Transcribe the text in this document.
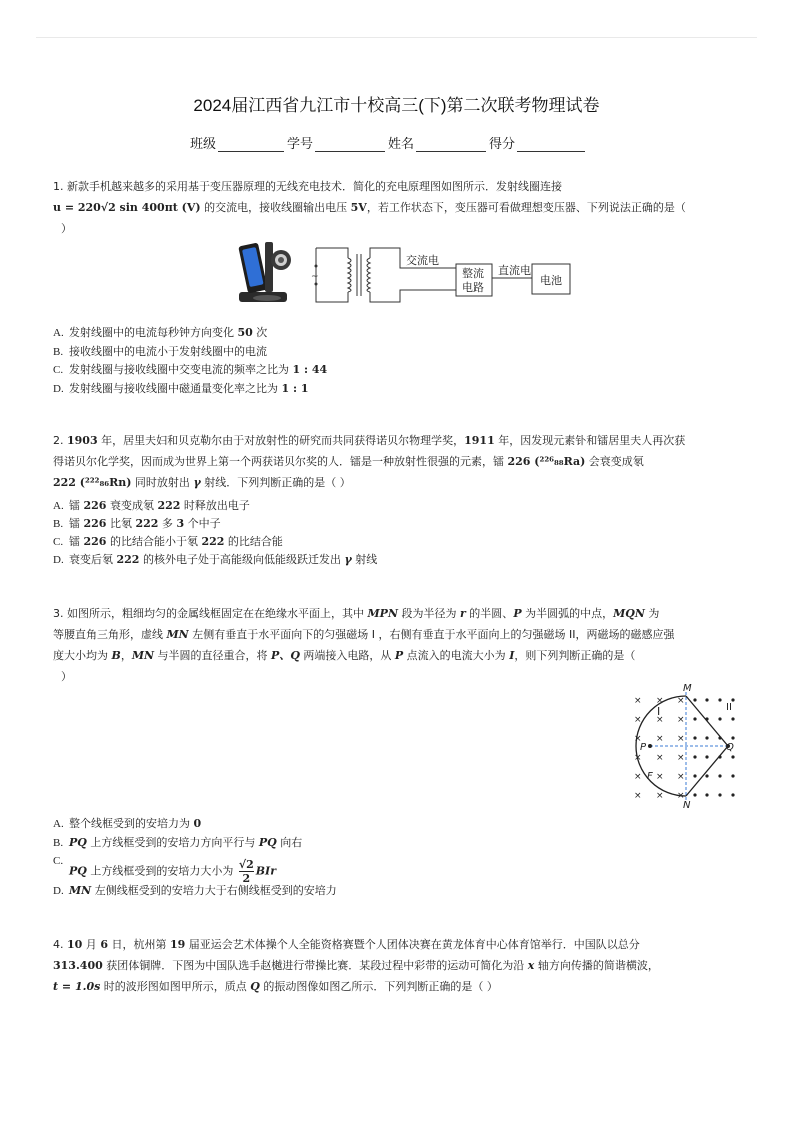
2024届江西省九江市十校高三(下)第二次联考物理试卷
班级	学号	姓名	得分

1. 新款手机越来越多的采用基于变压器原理的无线充电技术．简化的充电原理图如图所示．发射线圈连接

u = 220√2 sin 400πt (V) 的交流电，接收线圈输出电压 5V，若工作状态下，变压器可看做理想变压器、下列说法正确的是（

）

~
交流电
整流
电路
直流电
电池
A. 发射线圈中的电流每秒钟方向变化 50 次
B. 接收线圈中的电流小于发射线圈中的电流
C. 发射线圈与接收线圈中交变电流的频率之比为 1 : 44
D. 发射线圈与接收线圈中磁通量变化率之比为 1 : 1

2. 1903 年，居里夫妇和贝克勒尔由于对放射性的研究而共同获得诺贝尔物理学奖，1911 年，因发现元素钋和镭居里夫人再次获

得诺贝尔化学奖，因而成为世界上第一个两获诺贝尔奖的人．镭是一种放射性很强的元素，镭 226 (²²⁶₈₈Ra) 会衰变成氡

222 (²²²₈₆Rn) 同时放射出 γ 射线．下列判断正确的是（ ）

A. 镭 226 衰变成氡 222 时释放出电子
B. 镭 226 比氡 222 多 3 个中子
C. 镭 226 的比结合能小于氡 222 的比结合能
D. 衰变后氡 222 的核外电子处于高能级向低能级跃迁发出 γ 射线

3. 如图所示，粗细均匀的金属线框固定在在绝缘水平面上，其中 MPN 段为半径为 r 的半圆、P 为半圆弧的中点，MQN 为

等腰直角三角形，虚线 MN 左侧有垂直于水平面向下的匀强磁场 I ，右侧有垂直于水平面向上的匀强磁场 II，两磁场的磁感应强

度大小均为 B，MN 与半圆的直径重合，将 P、Q 两端接入电路，从 P 点流入的电流大小为 I，则下列判断正确的是（

）

×
×
×
×
×
×
×
×
×
×
×
×
×
×
×
×
×
×
M
N
P	Q
I	II
F
A. 整个线框受到的安培力为 0
B. PQ 上方线框受到的安培力方向平行与 PQ 向右
C.
PQ 上方线框受到的安培力大小为 $\frac{√2}{2}$ BIr
D. MN 左侧线框受到的安培力大于右侧线框受到的安培力

4. 10 月 6 日，杭州第 19 届亚运会艺术体操个人全能资格赛暨个人团体决赛在黄龙体育中心体育馆举行．中国队以总分

313.400 获团体铜牌．下图为中国队选手赵樾进行带操比赛．某段过程中彩带的运动可简化为沿 x 轴方向传播的简谐横波，

t = 1.0s 时的波形图如图甲所示，质点 Q 的振动图像如图乙所示．下列判断正确的是（ ）
